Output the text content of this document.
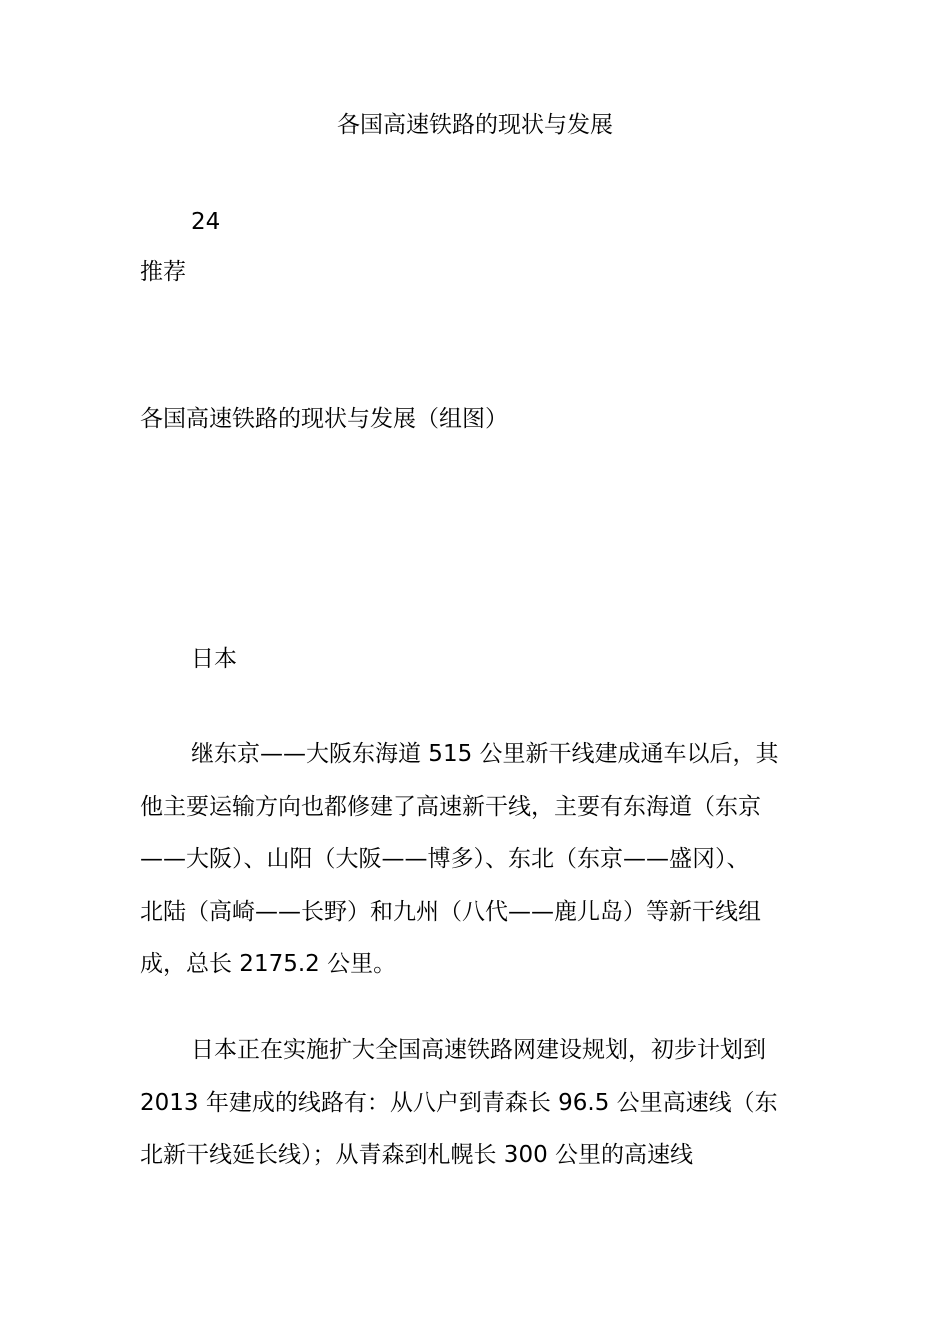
各国高速铁路的现状与发展
24
推荐
各国高速铁路的现状与发展（组图）
日本

继东京——大阪东海道 515 公里新干线建成通车以后，其
他主要运输方向也都修建了高速新干线，主要有东海道（东京
——大阪）、山阳（大阪——博多）、东北（东京——盛冈）、
北陆（高崎——长野）和九州（八代——鹿儿岛）等新干线组
成，总长 2175.2 公里。

日本正在实施扩大全国高速铁路网建设规划，初步计划到
2013 年建成的线路有：从八户到青森长 96.5 公里高速线（东
北新干线延长线）；从青森到札幌长 300 公里的高速线
